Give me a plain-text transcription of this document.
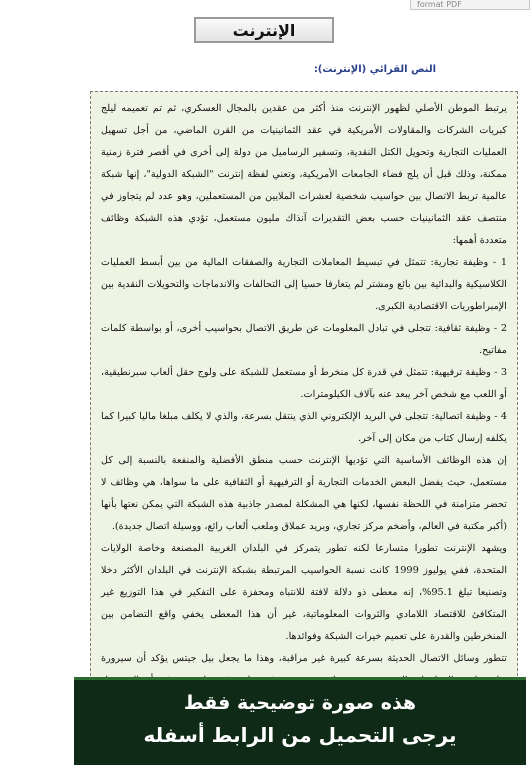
format PDF
الإنترنت
النص القرائي (الإنترنت):

يرتبط الموطن الأصلي لظهور الإنترنت منذ أكثر من عقدين بالمجال العسكري، ثم تم تعميمه ليلج كبريات الشركات والمقاولات الأمريكية في عقد الثمانينيات من القرن الماضي، من أجل تسهيل العمليات التجارية وتحويل الكتل النقدية، وتسفير الرساميل من دولة إلى أخرى في أقصر فترة زمنية ممكنة، وذلك قبل أن يلج فضاء الجامعات الأمريكية، وتعني لفظة إنترنت "الشبكة الدولية"، إنها شبكة عالمية تربط الاتصال بين حواسيب شخصية لعشرات الملايين من المستعملين، وهو عدد لم يتجاوز في منتصف عقد الثمانينيات حسب بعض التقديرات آنذاك مليون مستعمل، تؤدي هذه الشبكة وظائف متعددة أهمها:

1 - وظيفة تجارية: تتمثل في تبسيط المعاملات التجارية والصفقات المالية من بين أبسط العمليات الكلاسيكية والبدائية بين بائع ومشتر لم يتعارفا حسيا إلى التحالفات والاندماجات والتحويلات النقدية بين الإمبراطوريات الاقتصادية الكبرى.

2 - وظيفة ثقافية: تتجلى في تبادل المعلومات عن طريق الاتصال بحواسيب أخرى، أو بواسطة كلمات مفاتيح.

3 - وظيفة ترفيهية: تتمثل في قدرة كل منخرط أو مستعمل للشبكة على ولوج حقل ألعاب سبرنطيقية، أو اللعب مع شخص آخر يبعد عنه بآلاف الكيلومترات.

4 - وظيفة اتصالية: تتجلى في البريد الإلكتروني الذي ينتقل بسرعة، والذي لا يكلف مبلغا ماليا كبيرا كما يكلفه إرسال كتاب من مكان إلى آخر.

إن هذه الوظائف الأساسية التي تؤديها الإنترنت حسب منطق الأفضلية والمنفعة بالنسبة إلى كل مستعمل، حيث يفضل البعض الخدمات التجارية أو الترفيهية أو الثقافية على ما سواها، هي وظائف لا تحضر متزامنة في اللحظة نفسها، لكنها هي المشكلة لمصدر جاذبية هذه الشبكة التي يمكن نعتها بأنها (أكبر مكتبة في العالم، وأضخم مركز تجاري، وبريد عملاق وملعب ألعاب رائع، ووسيلة اتصال جديدة).

ويشهد الإنترنت تطورا متسارعا لكنه تطور يتمركز في البلدان الغربية المصنعة وخاصة الولايات المتحدة، ففي يوليوز 1999 كانت نسبة الحواسيب المرتبطة بشبكة الإنترنت في البلدان الأكثر دخلا وتصنيعا تبلغ 95.1%، إنه معطى ذو دلالة لافتة للانتباه ومحفزة على التفكير في هذا التوزيع غير المتكافئ للاقتصاد اللامادي والثروات المعلوماتية، غير أن هذا المعطى يخفي واقع التضامن بين المنخرطين والقدرة على تعميم خيرات الشبكة وفوائدها.

تتطور وسائل الاتصال الحديثة بسرعة كبيرة غير مراقبة، وهذا ما يجعل بيل جيتس يؤكد أن سيرورة

هذه صورة توضيحية فقط
يرجى التحميل من الرابط أسفله
